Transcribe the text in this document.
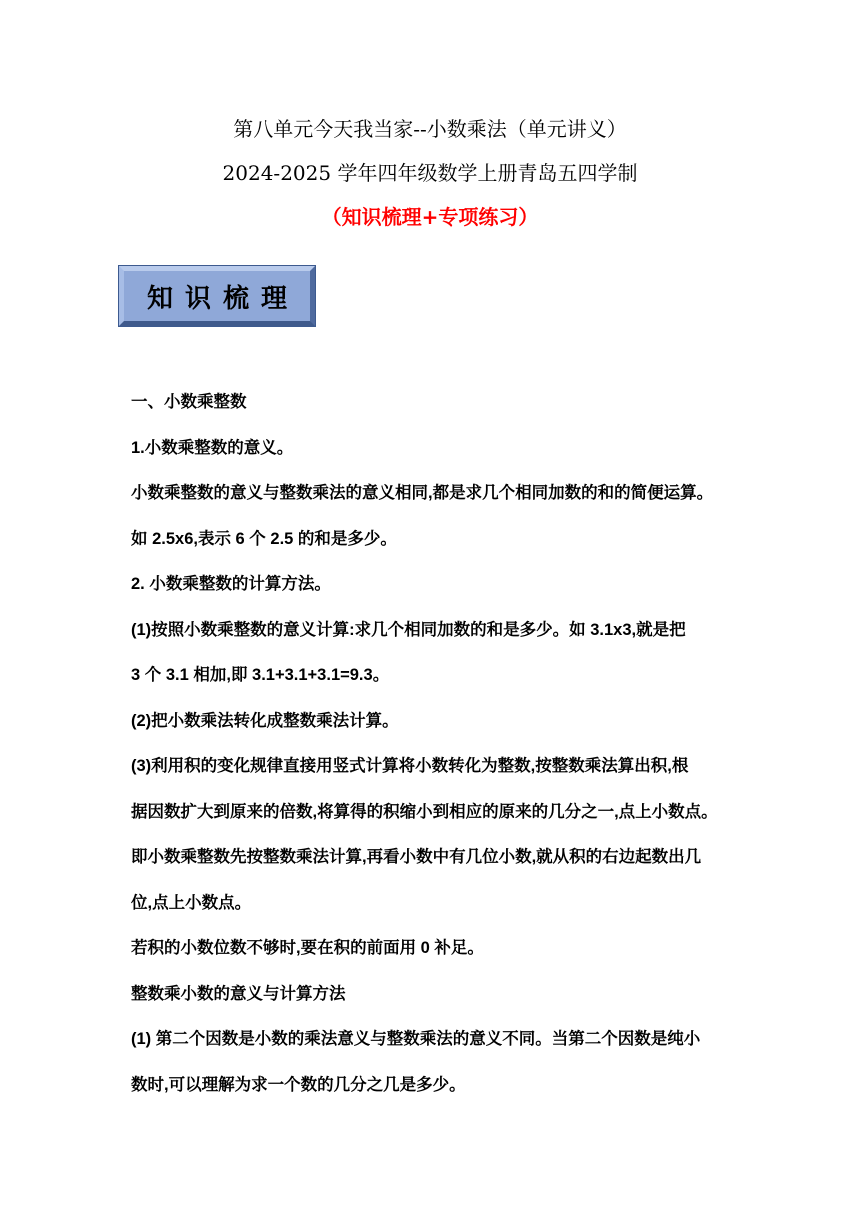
第八单元今天我当家--小数乘法（单元讲义）
2024-2025 学年四年级数学上册青岛五四学制
（知识梳理+专项练习）
知识梳理
一、小数乘整数
1.小数乘整数的意义。
小数乘整数的意义与整数乘法的意义相同,都是求几个相同加数的和的简便运算。
如 2.5x6,表示 6 个 2.5 的和是多少。
2. 小数乘整数的计算方法。
(1)按照小数乘整数的意义计算:求几个相同加数的和是多少。如 3.1x3,就是把
3 个 3.1 相加,即 3.1+3.1+3.1=9.3。
(2)把小数乘法转化成整数乘法计算。
(3)利用积的变化规律直接用竖式计算将小数转化为整数,按整数乘法算出积,根
据因数扩大到原来的倍数,将算得的积缩小到相应的原来的几分之一,点上小数点。
即小数乘整数先按整数乘法计算,再看小数中有几位小数,就从积的右边起数出几
位,点上小数点。
若积的小数位数不够时,要在积的前面用 0 补足。
整数乘小数的意义与计算方法
(1) 第二个因数是小数的乘法意义与整数乘法的意义不同。当第二个因数是纯小
数时,可以理解为求一个数的几分之几是多少。
